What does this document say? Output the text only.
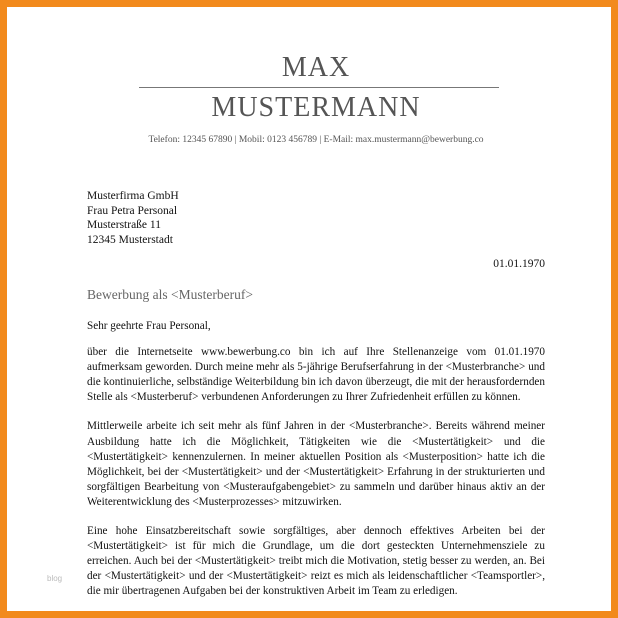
MAX
MUSTERMANN
Telefon: 12345 67890 | Mobil: 0123 456789 | E-Mail: max.mustermann@bewerbung.co
Musterfirma GmbH
Frau Petra Personal
Musterstraße 11
12345 Musterstadt
01.01.1970
Bewerbung als <Musterberuf>

Sehr geehrte Frau Personal,

über die Internetseite www.bewerbung.co bin ich auf Ihre Stellenanzeige vom 01.01.1970 aufmerksam geworden. Durch meine mehr als 5-jährige Berufserfahrung in der <Musterbranche> und die kontinuierliche, selbständige Weiterbildung bin ich davon überzeugt, die mit der herausfordernden Stelle als <Musterberuf> verbundenen Anforderungen zu Ihrer Zufriedenheit erfüllen zu können.

Mittlerweile arbeite ich seit mehr als fünf Jahren in der <Musterbranche>. Bereits während meiner Ausbildung hatte ich die Möglichkeit, Tätigkeiten wie die <Mustertätigkeit> und die <Mustertätigkeit> kennenzulernen. In meiner aktuellen Position als <Musterposition> hatte ich die Möglichkeit, bei der <Mustertätigkeit> und der <Mustertätigkeit> Erfahrung in der strukturierten und sorgfältigen Bearbeitung von <Musteraufgabengebiet> zu sammeln und darüber hinaus aktiv an der Weiterentwicklung des <Musterprozesses> mitzuwirken.

Eine hohe Einsatzbereitschaft sowie sorgfältiges, aber dennoch effektives Arbeiten bei der <Mustertätigkeit> ist für mich die Grundlage, um die dort gesteckten Unternehmensziele zu erreichen. Auch bei der <Mustertätigkeit> treibt mich die Motivation, stetig besser zu werden, an. Bei der <Mustertätigkeit> und der <Mustertätigkeit> reizt es mich als leidenschaftlicher <Teamsportler>, die mir übertragenen Aufgaben bei der konstruktiven Arbeit im Team zu erledigen.

blog
